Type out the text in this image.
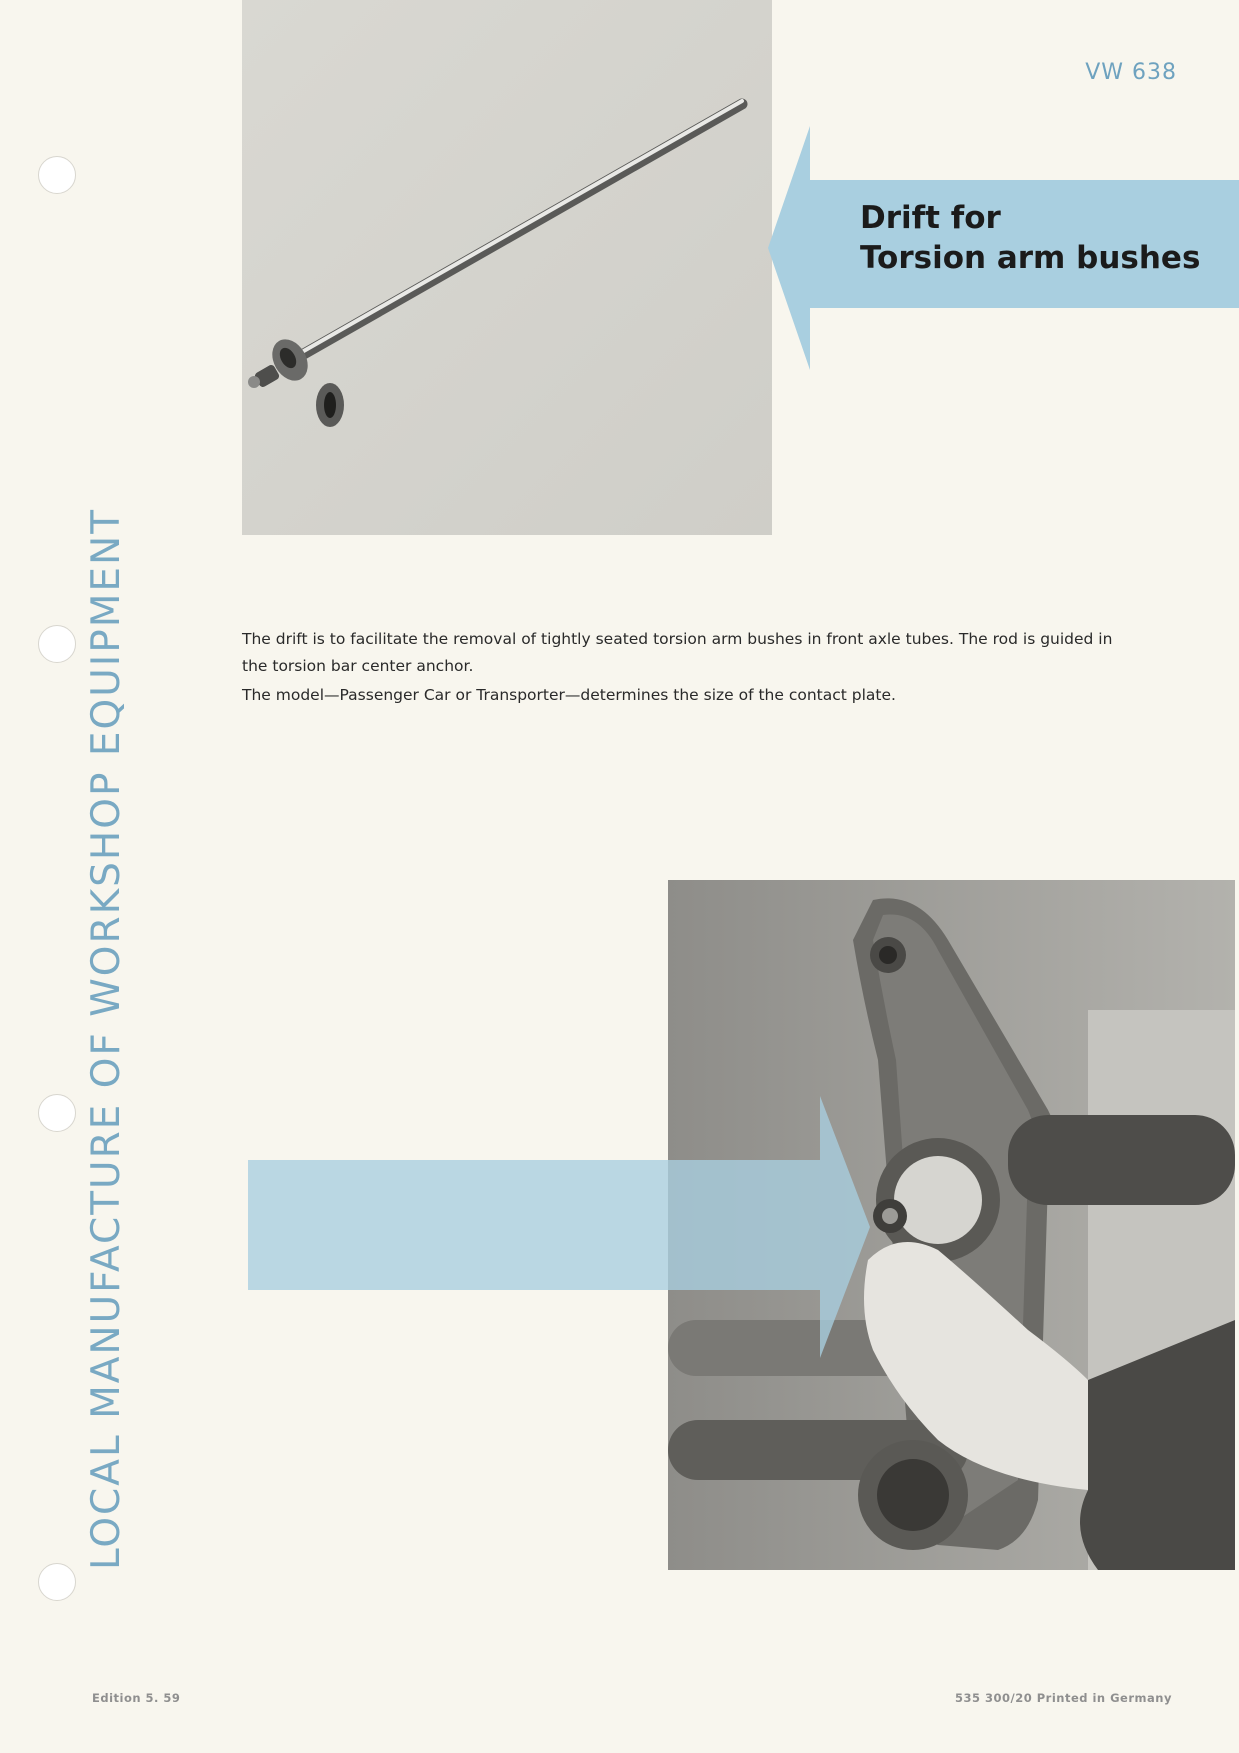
LOCAL MANUFACTURE OF WORKSHOP EQUIPMENT
VW 638
Drift for
Torsion arm bushes

The drift is to facilitate the removal of tightly seated torsion arm bushes in front axle tubes. The rod is guided in the torsion bar center anchor.

The model—Passenger Car or Transporter—determines the size of the contact plate.

Edition 5. 59	535 300/20 Printed in Germany
